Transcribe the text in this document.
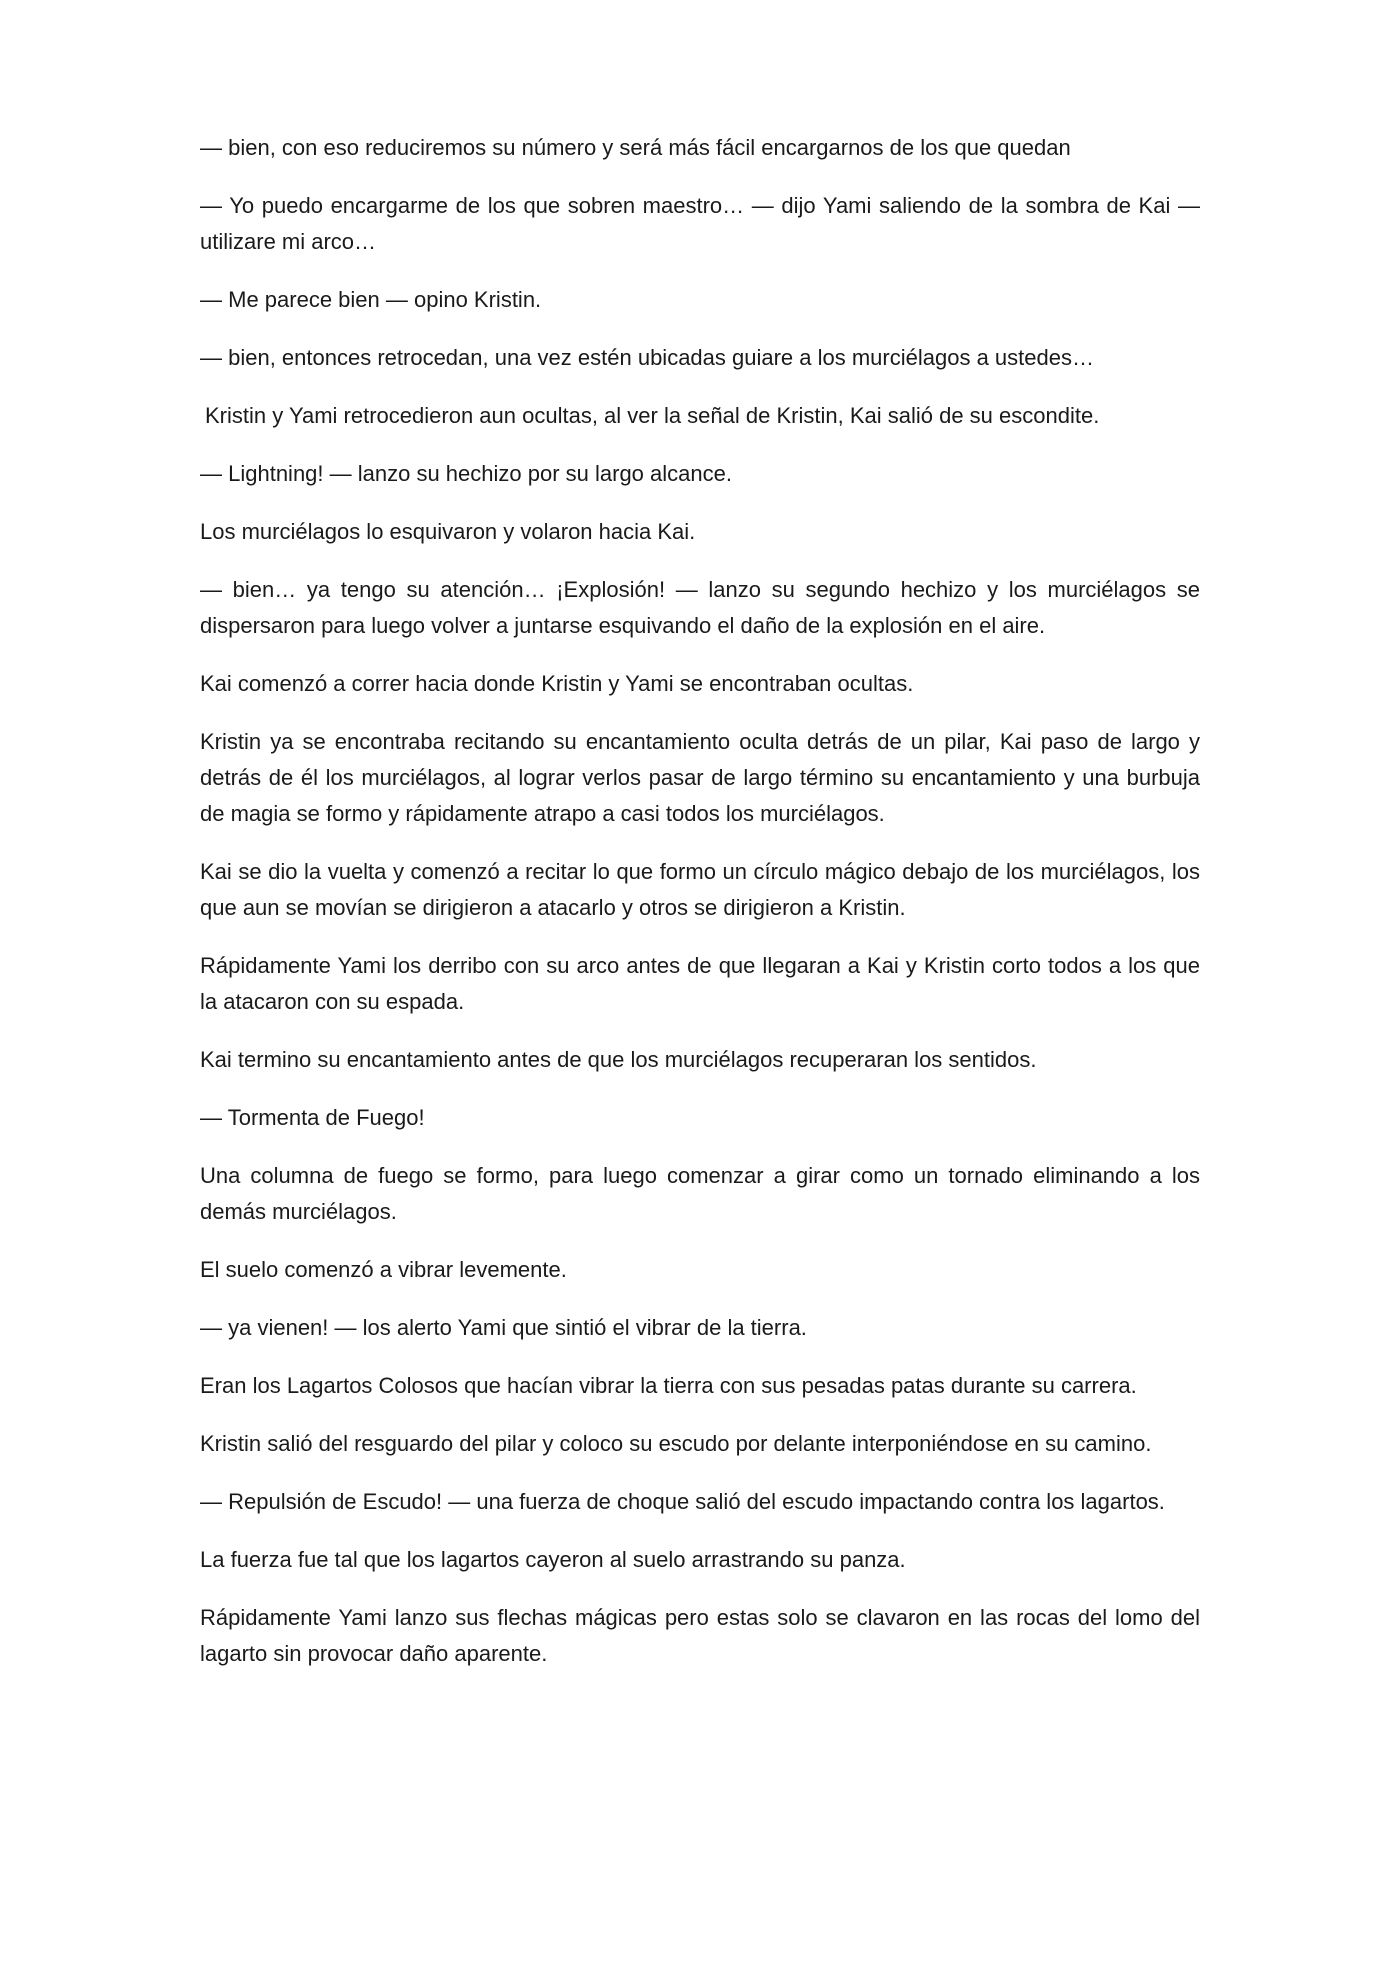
— bien, con eso reduciremos su número y será más fácil encargarnos de los que quedan

— Yo puedo encargarme de los que sobren maestro… — dijo Yami saliendo de la sombra de Kai — utilizare mi arco…

— Me parece bien — opino Kristin.

— bien, entonces retrocedan, una vez estén ubicadas guiare a los murciélagos a ustedes…

Kristin y Yami retrocedieron aun ocultas, al ver la señal de Kristin, Kai salió de su escondite.

— Lightning! — lanzo su hechizo por su largo alcance.

Los murciélagos lo esquivaron y volaron hacia Kai.

— bien… ya tengo su atención… ¡Explosión! — lanzo su segundo hechizo y los murciélagos se dispersaron para luego volver a juntarse esquivando el daño de la explosión en el aire.

Kai comenzó a correr hacia donde Kristin y Yami se encontraban ocultas.

Kristin ya se encontraba recitando su encantamiento oculta detrás de un pilar, Kai paso de largo y detrás de él los murciélagos, al lograr verlos pasar de largo término su encantamiento y una burbuja de magia se formo y rápidamente atrapo a casi todos los murciélagos.

Kai se dio la vuelta y comenzó a recitar lo que formo un círculo mágico debajo de los murciélagos, los que aun se movían se dirigieron a atacarlo y otros se dirigieron a Kristin.

Rápidamente Yami los derribo con su arco antes de que llegaran a Kai y Kristin corto todos a los que la atacaron con su espada.

Kai termino su encantamiento antes de que los murciélagos recuperaran los sentidos.

— Tormenta de Fuego!

Una columna de fuego se formo, para luego comenzar a girar como un tornado eliminando a los demás murciélagos.

El suelo comenzó a vibrar levemente.

— ya vienen! — los alerto Yami que sintió el vibrar de la tierra.

Eran los Lagartos Colosos que hacían vibrar la tierra con sus pesadas patas durante su carrera.

Kristin salió del resguardo del pilar y coloco su escudo por delante interponiéndose en su camino.

— Repulsión de Escudo! — una fuerza de choque salió del escudo impactando contra los lagartos.

La fuerza fue tal que los lagartos cayeron al suelo arrastrando su panza.

Rápidamente Yami lanzo sus flechas mágicas pero estas solo se clavaron en las rocas del lomo del lagarto sin provocar daño aparente.
